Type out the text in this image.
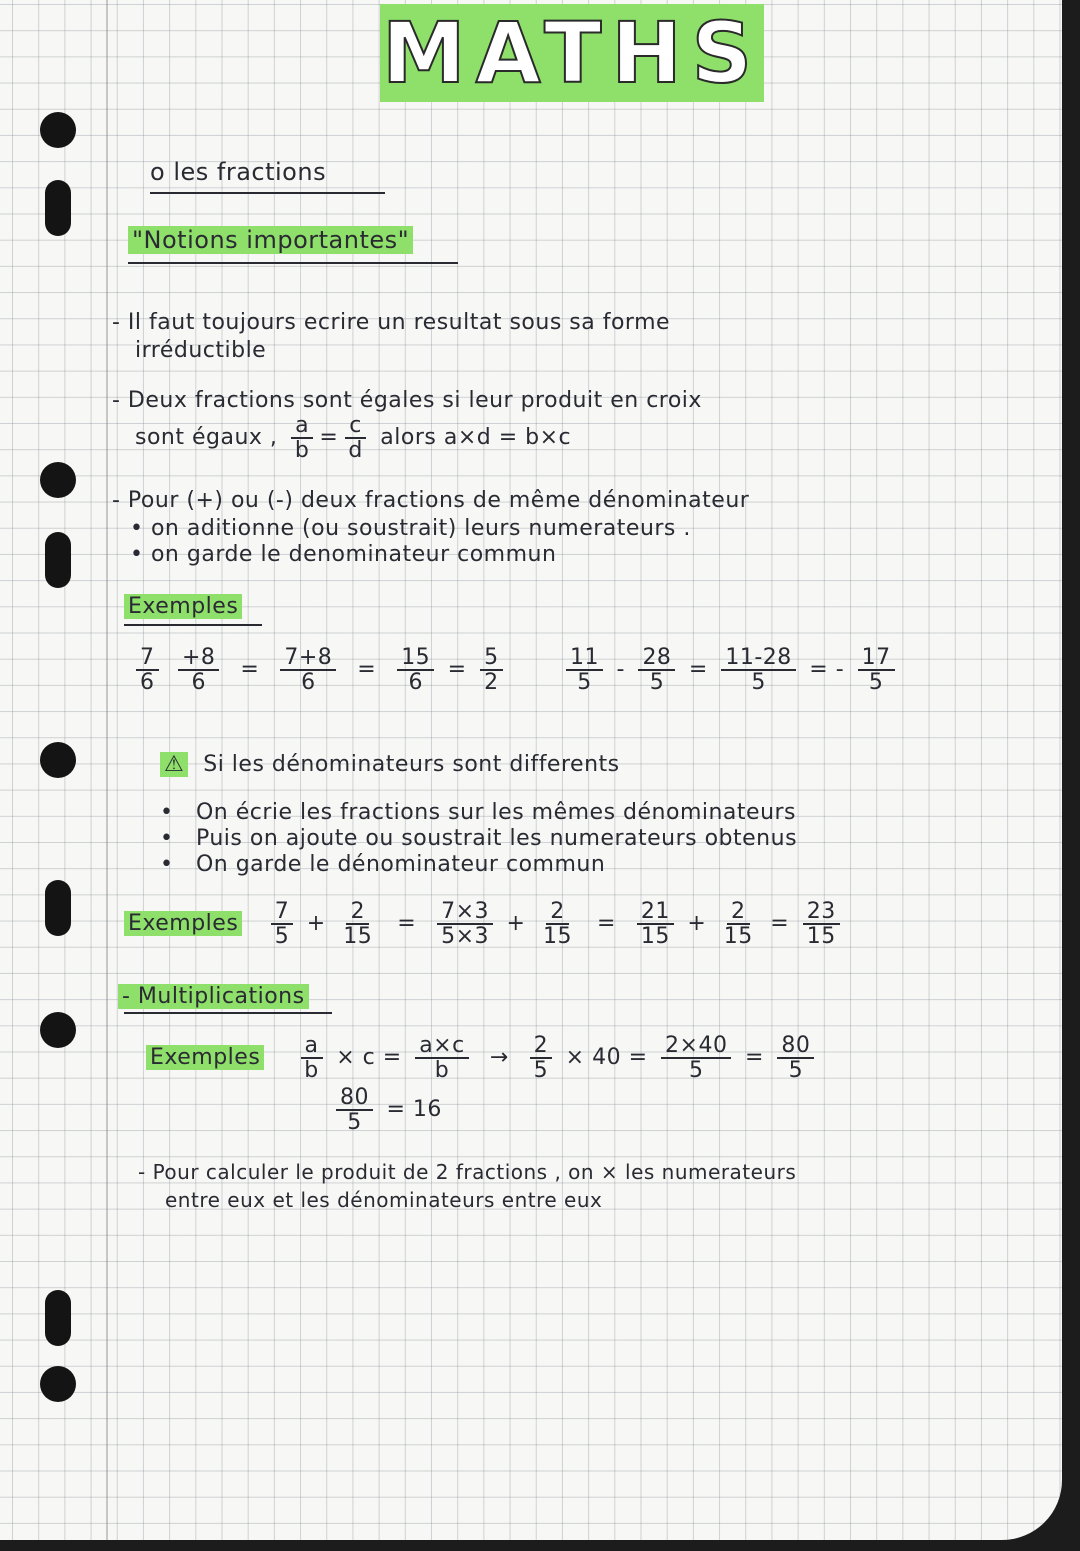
MATHS
o les fractions
"Notions importantes"
- Il faut toujours ecrire un resultat sous sa forme
irréductible
- Deux fractions sont égales si leur produit en croix
sont égaux , $\frac{a}{b} = \frac{c}{d}$ alors a×d = b×c
- Pour (+) ou (-) deux fractions de même dénominateur
• on aditionne (ou soustrait) leurs numerateurs .
• on garde le denominateur commun
Exemples
$\frac{7}{6}$
$\frac{+8}{6} = \frac{7+8}{6} = \frac{15}{6} = \frac{5}{2}$	$\frac{11}{5} - \frac{28}{5} = \frac{11-28}{5}$ = - $\frac{17}{5}$
⚠ Si les dénominateurs sont differents
•   On écrie les fractions sur les mêmes dénominateurs
•   Puis on ajoute ou soustrait les numerateurs obtenus
•   On garde le dénominateur commun
Exemples $\frac{7}{5} + \frac{2}{15} = \frac{7\times 3}{5\times 3} + \frac{2}{15} = \frac{21}{15} + \frac{2}{15} = \frac{23}{15}$
- Multiplications
Exemples $\frac{a}{b} \times c = \frac{a\times c}{b} \to \frac{2}{5} \times 40 = \frac{2\times 40}{5} = \frac{80}{5}$
$\frac{80}{5} = 16$
- Pour calculer le produit de 2 fractions , on × les numerateurs
entre eux et les dénominateurs entre eux
